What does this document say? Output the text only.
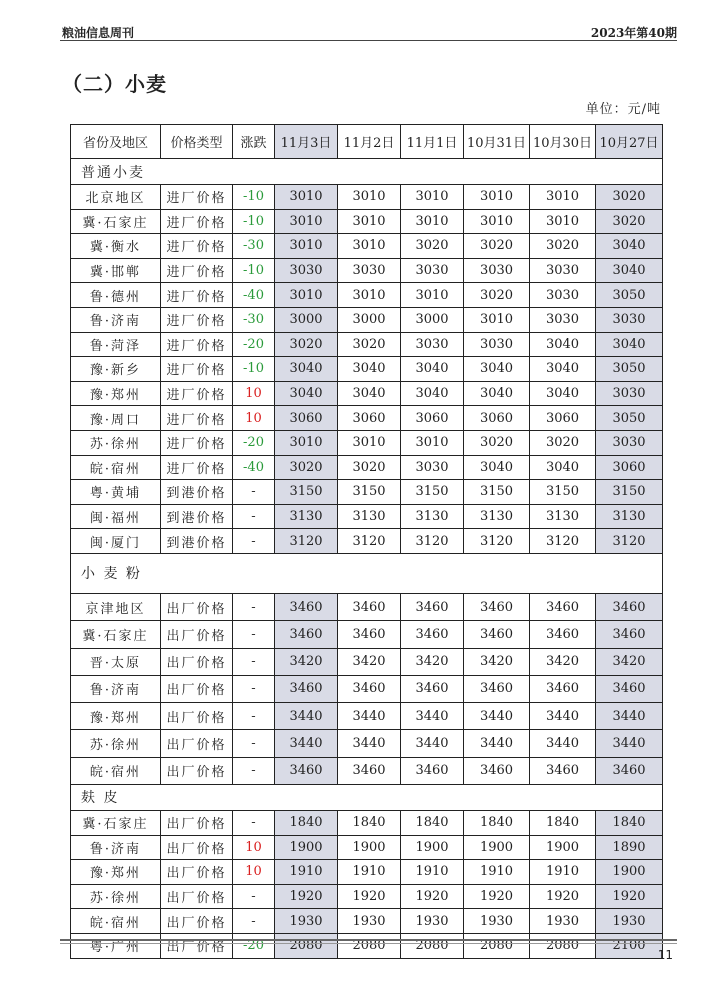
粮油信息周刊	2023年第40期
（二）小麦
单位：元/吨
省份及地区	价格类型	涨跌	11月3日	11月2日	11月1日	10月31日	10月30日	10月27日
普通小麦								
北京地区	进厂价格	-10	3010	3010	3010	3010	3010	3020
冀·石家庄	进厂价格	-10	3010	3010	3010	3010	3010	3020
冀·衡水	进厂价格	-30	3010	3010	3020	3020	3020	3040
冀·邯郸	进厂价格	-10	3030	3030	3030	3030	3030	3040
鲁·德州	进厂价格	-40	3010	3010	3010	3020	3030	3050
鲁·济南	进厂价格	-30	3000	3000	3000	3010	3030	3030
鲁·菏泽	进厂价格	-20	3020	3020	3030	3030	3040	3040
豫·新乡	进厂价格	-10	3040	3040	3040	3040	3040	3050
豫·郑州	进厂价格	10	3040	3040	3040	3040	3040	3030
豫·周口	进厂价格	10	3060	3060	3060	3060	3060	3050
苏·徐州	进厂价格	-20	3010	3010	3010	3020	3020	3030
皖·宿州	进厂价格	-40	3020	3020	3030	3040	3040	3060
粤·黄埔	到港价格	-	3150	3150	3150	3150	3150	3150
闽·福州	到港价格	-	3130	3130	3130	3130	3130	3130
闽·厦门	到港价格	-	3120	3120	3120	3120	3120	3120
小 麦 粉								
京津地区	出厂价格	-	3460	3460	3460	3460	3460	3460
冀·石家庄	出厂价格	-	3460	3460	3460	3460	3460	3460
晋·太原	出厂价格	-	3420	3420	3420	3420	3420	3420
鲁·济南	出厂价格	-	3460	3460	3460	3460	3460	3460
豫·郑州	出厂价格	-	3440	3440	3440	3440	3440	3440
苏·徐州	出厂价格	-	3440	3440	3440	3440	3440	3440
皖·宿州	出厂价格	-	3460	3460	3460	3460	3460	3460
麸 皮								
冀·石家庄	出厂价格	-	1840	1840	1840	1840	1840	1840
鲁·济南	出厂价格	10	1900	1900	1900	1900	1900	1890
豫·郑州	出厂价格	10	1910	1910	1910	1910	1910	1900
苏·徐州	出厂价格	-	1920	1920	1920	1920	1920	1920
皖·宿州	出厂价格	-	1930	1930	1930	1930	1930	1930
粤·广州	出厂价格	-20	2080	2080	2080	2080	2080	2100
11
